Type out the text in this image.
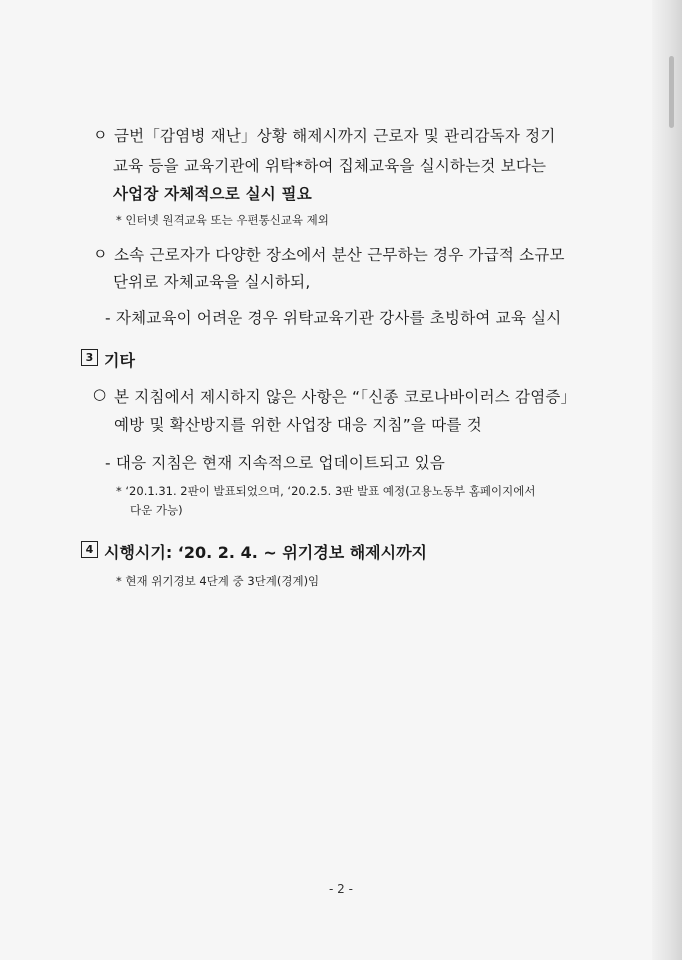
ㅇ 금번「감염병 재난」상황 해제시까지 근로자 및 관리감독자 정기
교육 등을 교육기관에 위탁*하여 집체교육을 실시하는것 보다는
사업장 자체적으로 실시 필요
* 인터넷 원격교육 또는 우편통신교육 제외
ㅇ 소속 근로자가 다양한 장소에서 분산 근무하는 경우 가급적 소규모
단위로 자체교육을 실시하되,
- 자체교육이 어려운 경우 위탁교육기관 강사를 초빙하여 교육 실시
3 기타
○ 본 지침에서 제시하지 않은 사항은 “「신종 코로나바이러스 감염증」
예방 및 확산방지를 위한 사업장 대응 지침”을 따를 것
- 대응 지침은 현재 지속적으로 업데이트되고 있음
* ‘20.1.31. 2판이 발표되었으며, ‘20.2.5. 3판 발표 예정(고용노동부 홈페이지에서
다운 가능)
4 시행시기: ‘20. 2. 4. ~ 위기경보 해제시까지
* 현재 위기경보 4단계 중 3단계(경계)임
- 2 -
